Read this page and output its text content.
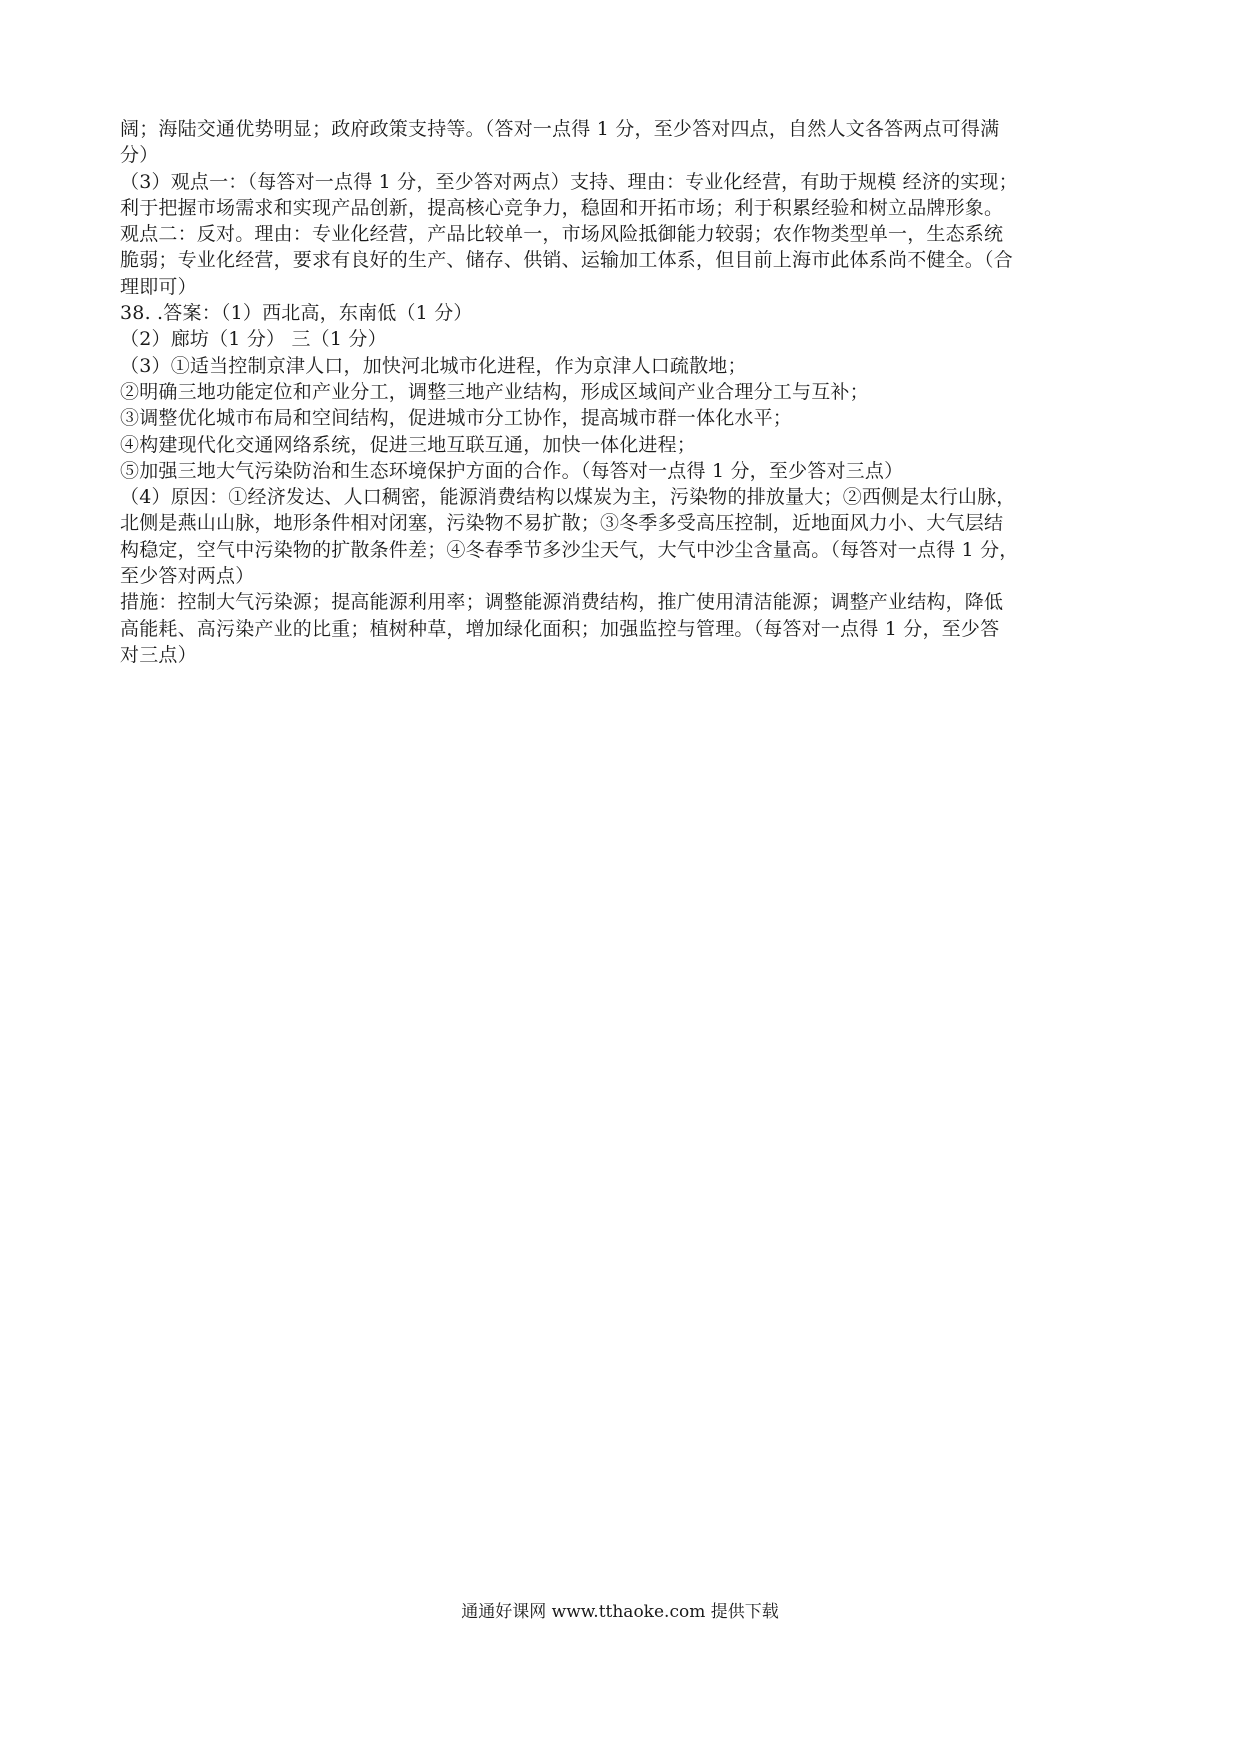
阔；海陆交通优势明显；政府政策支持等。（答对一点得 1 分，至少答对四点，自然人文各答两点可得满
分）
（3）观点一：（每答对一点得 1 分，至少答对两点）支持、理由：专业化经营，有助于规模 经济的实现；
利于把握市场需求和实现产品创新，提高核心竞争力，稳固和开拓市场；利于积累经验和树立品牌形象。
观点二：反对。理由：专业化经营，产品比较单一，市场风险抵御能力较弱；农作物类型单一，生态系统
脆弱；专业化经营，要求有良好的生产、储存、供销、运输加工体系，但目前上海市此体系尚不健全。（合
理即可）
38. .答案：（1）西北高，东南低（1 分）
（2）廊坊（1 分） 三（1 分）
（3）①适当控制京津人口，加快河北城市化进程，作为京津人口疏散地；
②明确三地功能定位和产业分工，调整三地产业结构，形成区域间产业合理分工与互补；
③调整优化城市布局和空间结构，促进城市分工协作，提高城市群一体化水平；
④构建现代化交通网络系统，促进三地互联互通，加快一体化进程；
⑤加强三地大气污染防治和生态环境保护方面的合作。（每答对一点得 1 分，至少答对三点）
（4）原因：①经济发达、人口稠密，能源消费结构以煤炭为主，污染物的排放量大；②西侧是太行山脉，
北侧是燕山山脉，地形条件相对闭塞，污染物不易扩散；③冬季多受高压控制，近地面风力小、大气层结
构稳定，空气中污染物的扩散条件差；④冬春季节多沙尘天气，大气中沙尘含量高。（每答对一点得 1 分，
至少答对两点）
措施：控制大气污染源；提高能源利用率；调整能源消费结构，推广使用清洁能源；调整产业结构，降低
高能耗、高污染产业的比重；植树种草，增加绿化面积；加强监控与管理。（每答对一点得 1 分，至少答
对三点）
通通好课网 www.tthaoke.com 提供下载
